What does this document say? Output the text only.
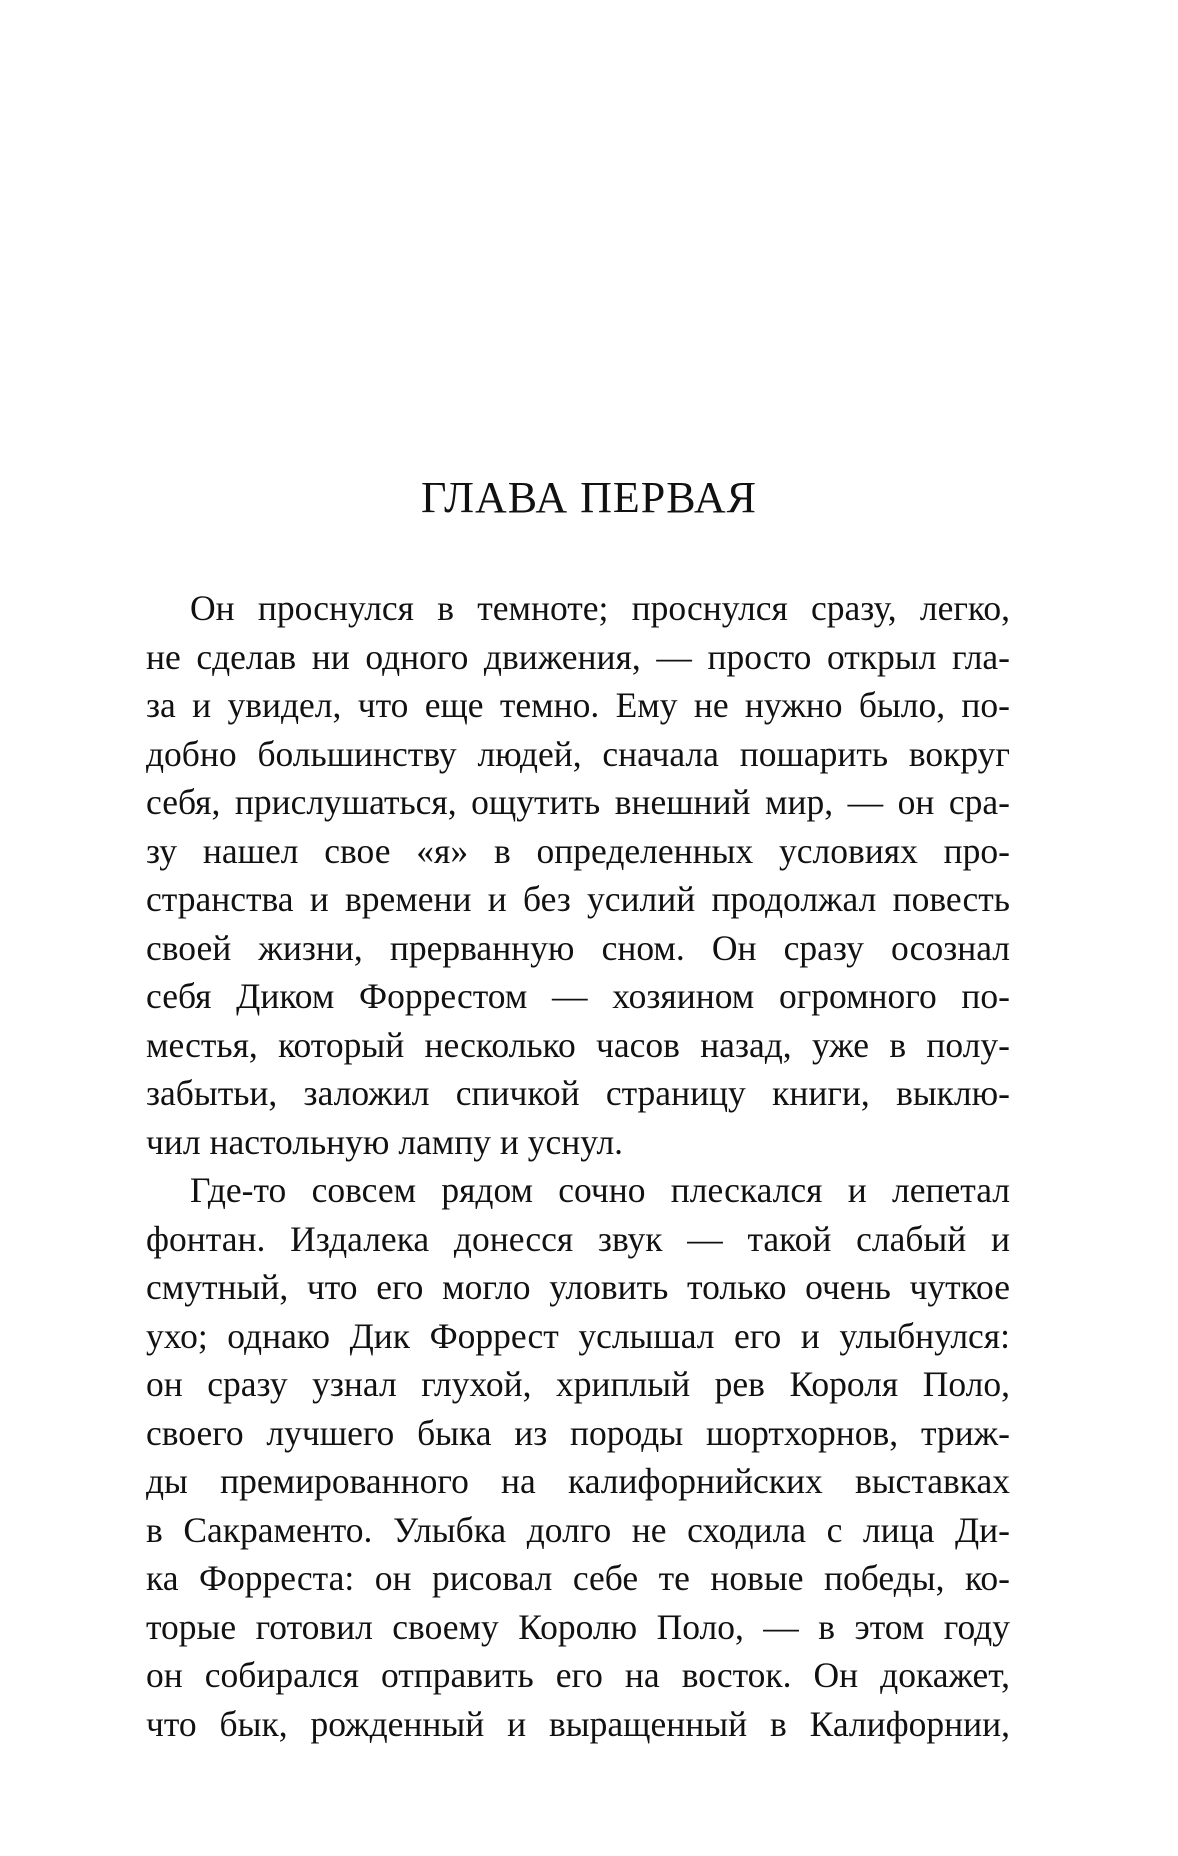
ГЛАВА ПЕРВАЯ
Он проснулся в темноте; проснулся сразу, легко,
не сделав ни одного движения, — просто открыл гла-
за и увидел, что еще темно. Ему не нужно было, по-
добно большинству людей, сначала пошарить вокруг
себя, прислушаться, ощутить внешний мир, — он сра-
зу нашел свое «я» в определенных условиях про-
странства и времени и без усилий продолжал повесть
своей жизни, прерванную сном. Он сразу осознал
себя Диком Форрестом — хозяином огромного по-
местья, который несколько часов назад, уже в полу-
забытьи, заложил спичкой страницу книги, выклю-
чил настольную лампу и уснул.
Где-то совсем рядом сочно плескался и лепетал
фонтан. Издалека донесся звук — такой слабый и
смутный, что его могло уловить только очень чуткое
ухо; однако Дик Форрест услышал его и улыбнулся:
он сразу узнал глухой, хриплый рев Короля Поло,
своего лучшего быка из породы шортхорнов, триж-
ды премированного на калифорнийских выставках
в Сакраменто. Улыбка долго не сходила с лица Ди-
ка Форреста: он рисовал себе те новые победы, ко-
торые готовил своему Королю Поло, — в этом году
он собирался отправить его на восток. Он докажет,
что бык, рожденный и выращенный в Калифорнии,
